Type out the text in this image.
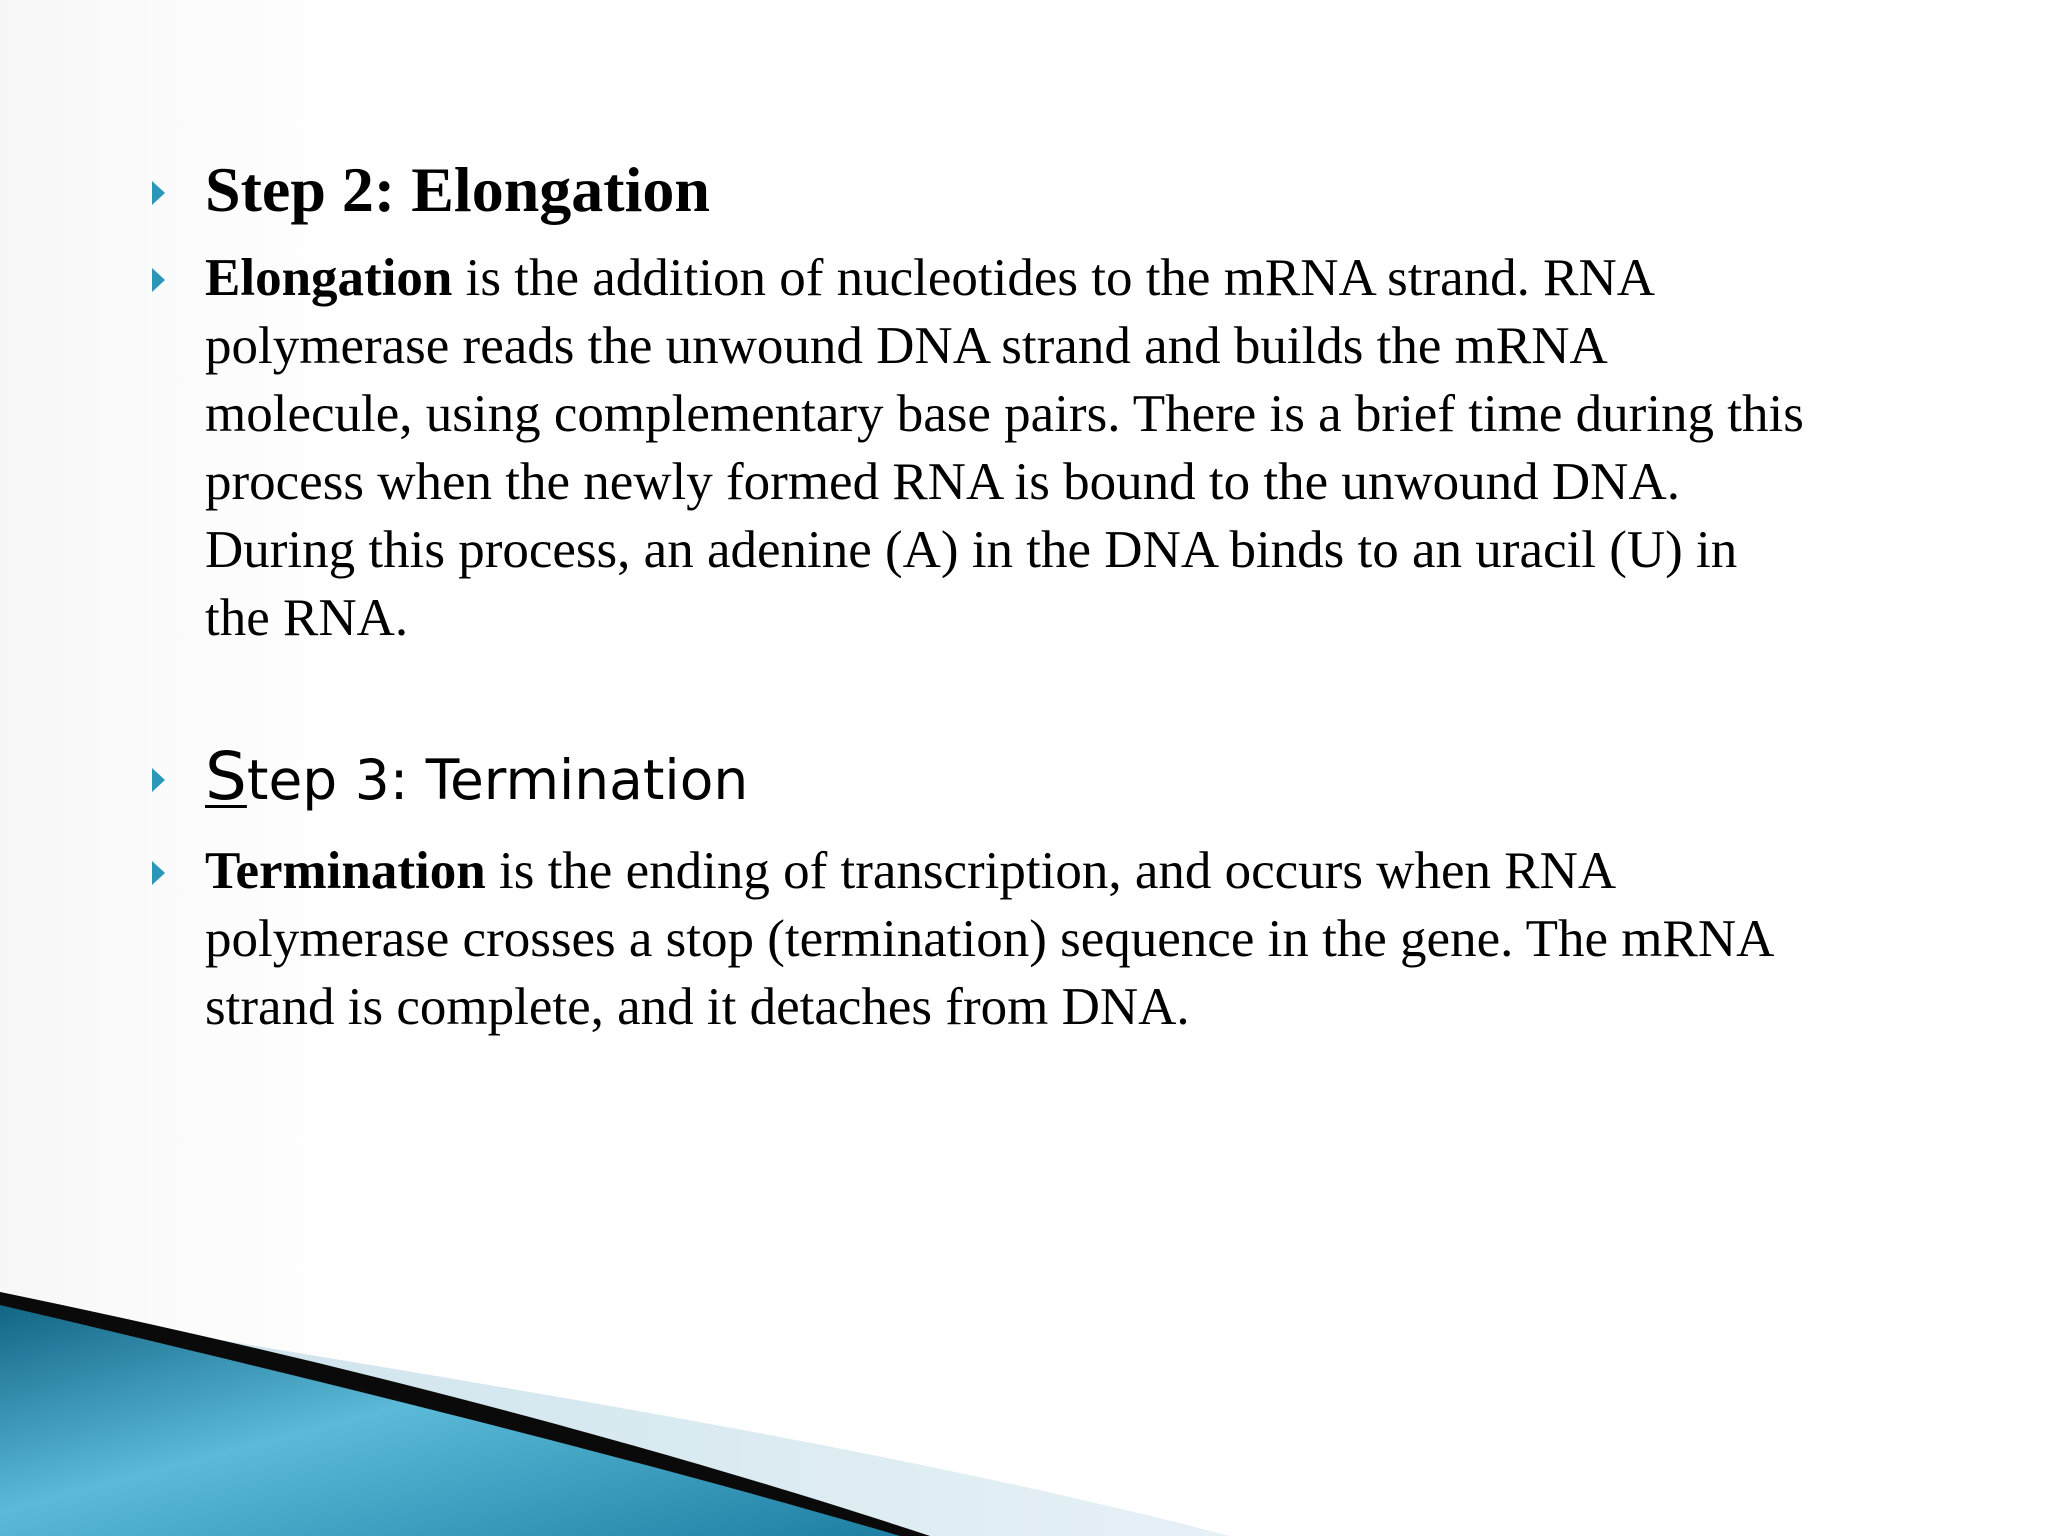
Step 2: Elongation
Elongation is the addition of nucleotides to the mRNA strand. RNA
polymerase reads the unwound DNA strand and builds the mRNA
molecule, using complementary base pairs. There is a brief time during this
process when the newly formed RNA is bound to the unwound DNA.
During this process, an adenine (A) in the DNA binds to an uracil (U) in
the RNA.
Step 3: Termination
Termination is the ending of transcription, and occurs when RNA
polymerase crosses a stop (termination) sequence in the gene. The mRNA
strand is complete, and it detaches from DNA.
